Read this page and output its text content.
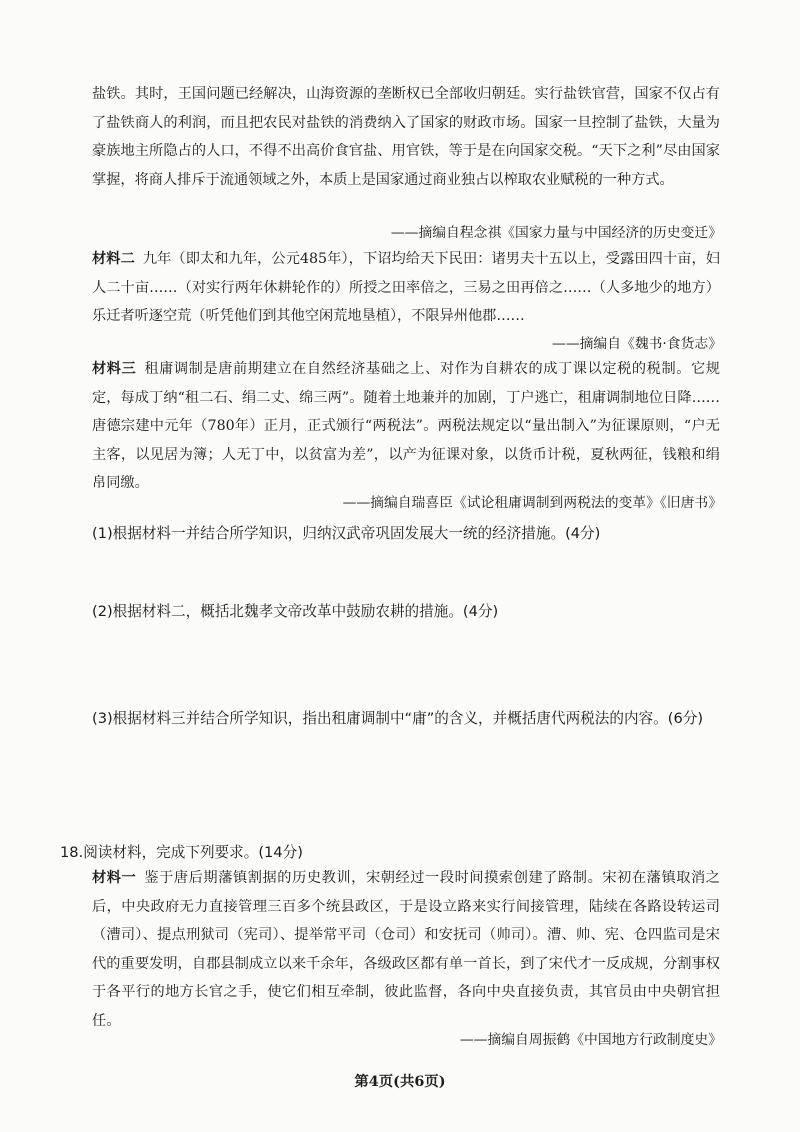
盐铁。其时，王国问题已经解决，山海资源的垄断权已全部收归朝廷。实行盐铁官营，国家不仅占有了盐铁商人的利润，而且把农民对盐铁的消费纳入了国家的财政市场。国家一旦控制了盐铁，大量为豪族地主所隐占的人口，不得不出高价食官盐、用官铁，等于是在向国家交税。“天下之利”尽由国家掌握，将商人排斥于流通领域之外，本质上是国家通过商业独占以榨取农业赋税的一种方式。

——摘编自程念祺《国家力量与中国经济的历史变迁》

材料二 九年（即太和九年，公元485年），下诏均给天下民田：诸男夫十五以上，受露田四十亩，妇人二十亩……（对实行两年休耕轮作的）所授之田率倍之，三易之田再倍之……（人多地少的地方）乐迁者听逐空荒（听凭他们到其他空闲荒地垦植），不限异州他郡……

——摘编自《魏书·食货志》

材料三 租庸调制是唐前期建立在自然经济基础之上、对作为自耕农的成丁课以定税的税制。它规定，每成丁纳“租二石、绢二丈、绵三两”。随着土地兼并的加剧，丁户逃亡，租庸调制地位日降……唐德宗建中元年（780年）正月，正式颁行“两税法”。两税法规定以“量出制入”为征课原则，“户无主客，以见居为簿；人无丁中，以贫富为差”，以产为征课对象，以货币计税，夏秋两征，钱粮和绢帛同缴。

——摘编自瑞喜臣《试论租庸调制到两税法的变革》《旧唐书》

(1)根据材料一并结合所学知识，归纳汉武帝巩固发展大一统的经济措施。(4分)

(2)根据材料二，概括北魏孝文帝改革中鼓励农耕的措施。(4分)

(3)根据材料三并结合所学知识，指出租庸调制中“庸”的含义，并概括唐代两税法的内容。(6分)

18.阅读材料，完成下列要求。(14分)

材料一 鉴于唐后期藩镇割据的历史教训，宋朝经过一段时间摸索创建了路制。宋初在藩镇取消之后，中央政府无力直接管理三百多个统县政区，于是设立路来实行间接管理，陆续在各路设转运司（漕司）、提点刑狱司（宪司）、提举常平司（仓司）和安抚司（帅司）。漕、帅、宪、仓四监司是宋代的重要发明，自郡县制成立以来千余年，各级政区都有单一首长，到了宋代才一反成规，分割事权于各平行的地方长官之手，使它们相互牵制，彼此监督，各向中央直接负责，其官员由中央朝官担任。

——摘编自周振鹤《中国地方行政制度史》
第4页(共6页)
